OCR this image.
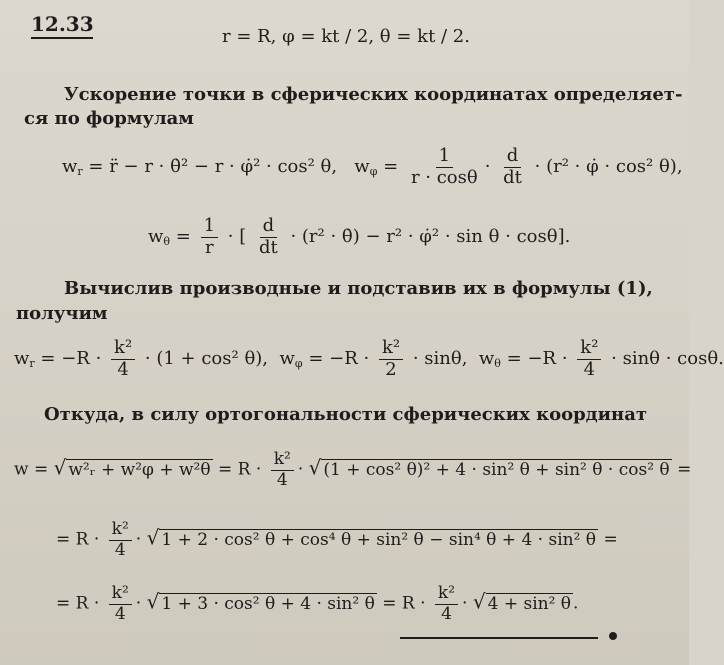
12.33
r = R, φ = kt / 2, θ = kt / 2.
Ускорение точки в сферических координатах определяет-
ся по формулам
$w_r$ = r̈ − r · θ̇² − r · φ̇² · cos² θ, $w_\varphi = \frac{1}{r \cdot \cos\theta} \cdot \frac{d}{dt} \cdot (r^2$ · φ̇ · cos² θ),
$w_\theta = \frac{1}{r}$ · [ $\frac{d}{dt} \cdot (r^2$ · θ̇) − r² · φ̇² · sin θ · cosθ].
Вычислив производные и подставив их в формулы (1),
получим
$w_r = -R \cdot \frac{\text{k²}}{4} \cdot (1 + \cos^2$ θ), $w_\varphi = -R \cdot \frac{\text{k²}}{2} \cdot \sin\theta$, $w_\theta = -R \cdot \frac{\text{k²}}{4} \cdot \sin\theta \cdot \cos\theta$.
Откуда, в силу ортогональности сферических координат
w = √ w²ᵣ + $w^2\varphi + w^2\theta = R \cdot \frac{\text{k²}}{4}$ · √ (1 + cos² θ)² + 4 · sin² θ + sin² θ · cos² θ =
= $R \cdot \frac{\text{k²}}{4}$ · √ 1 + 2 · cos² θ + cos⁴ θ + sin² θ − sin⁴ θ + 4 · sin² θ =
= $R \cdot \frac{\text{k²}}{4}$ · √ 1 + 3 · cos² θ + 4 · sin² $\theta = R \cdot \frac{\text{k²}}{4}$ · √ 4 + sin² θ .
